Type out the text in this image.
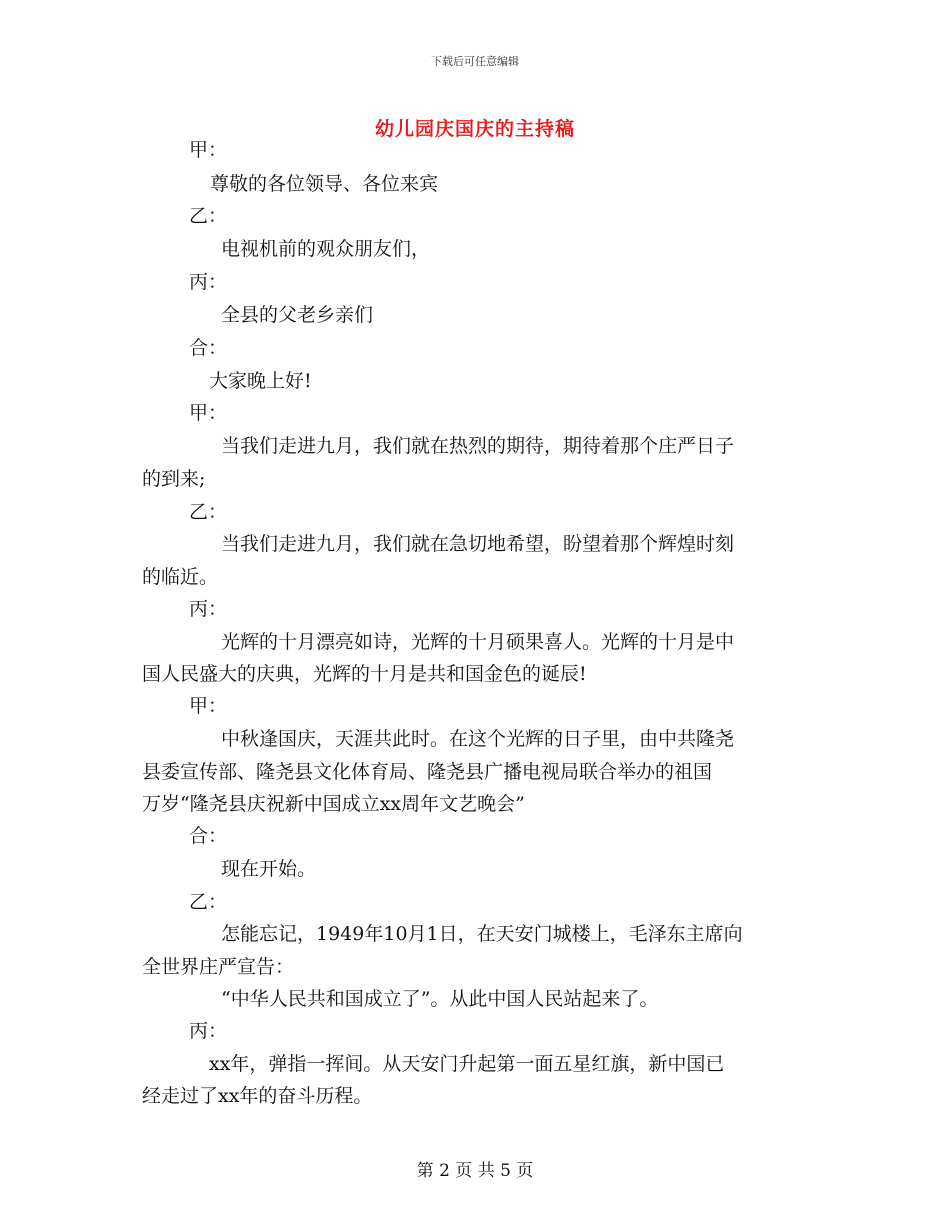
下载后可任意编辑
幼儿园庆国庆的主持稿
甲：
尊敬的各位领导、各位来宾
乙：
电视机前的观众朋友们，
丙：
全县的父老乡亲们
合：
大家晚上好!
甲：
当我们走进九月，我们就在热烈的期待，期待着那个庄严日子
的到来;
乙：
当我们走进九月，我们就在急切地希望，盼望着那个辉煌时刻
的临近。
丙：
光辉的十月漂亮如诗，光辉的十月硕果喜人。光辉的十月是中
国人民盛大的庆典，光辉的十月是共和国金色的诞辰!
甲：
中秋逢国庆，天涯共此时。在这个光辉的日子里，由中共隆尧
县委宣传部、隆尧县文化体育局、隆尧县广播电视局联合举办的祖国
万岁“隆尧县庆祝新中国成立xx周年文艺晚会”
合：
现在开始。
乙：
怎能忘记，1949年10月1日，在天安门城楼上，毛泽东主席向
全世界庄严宣告：
“中华人民共和国成立了”。从此中国人民站起来了。
丙：
xx年，弹指一挥间。从天安门升起第一面五星红旗，新中国已
经走过了xx年的奋斗历程。
第 2 页 共 5 页
